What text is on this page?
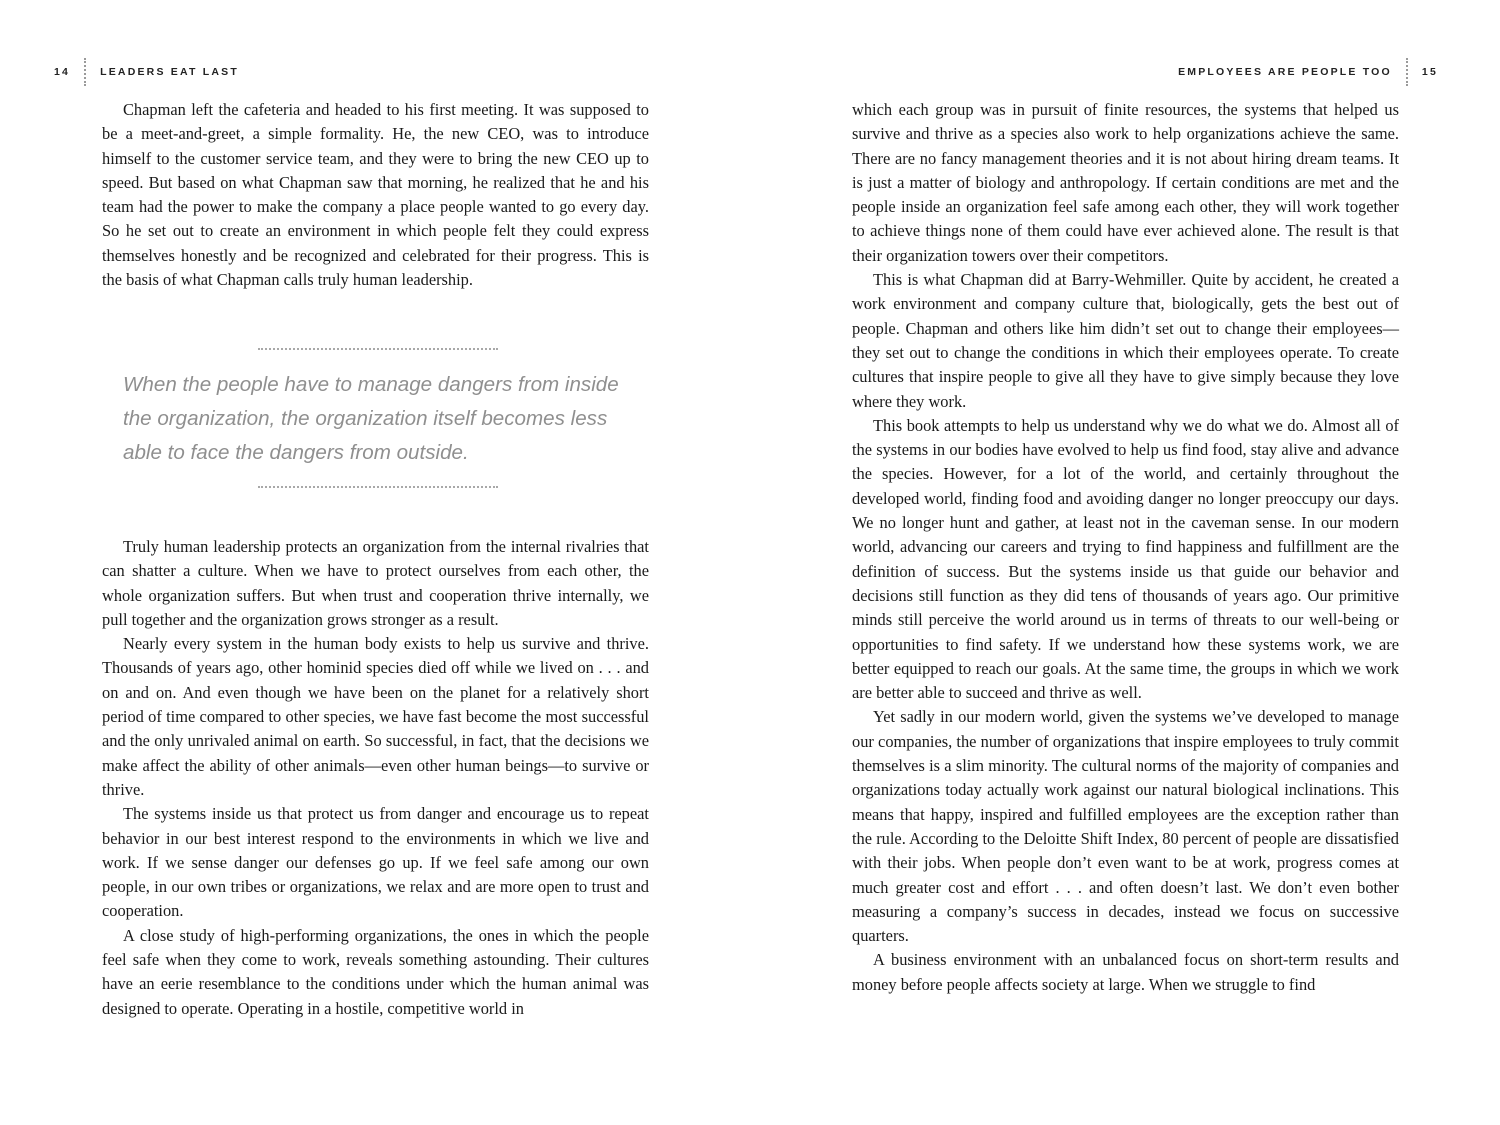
14	LEADERS EAT LAST

Chapman left the cafeteria and headed to his first meeting. It was supposed to be a meet-and-greet, a simple formality. He, the new CEO, was to introduce himself to the customer service team, and they were to bring the new CEO up to speed. But based on what Chapman saw that morning, he realized that he and his team had the power to make the company a place people wanted to go every day. So he set out to create an environment in which people felt they could express themselves honestly and be recognized and celebrated for their progress. This is the basis of what Chapman calls truly human leadership.

When the people have to manage dangers from inside the organization, the organization itself becomes less able to face the dangers from outside.

Truly human leadership protects an organization from the internal rivalries that can shatter a culture. When we have to protect ourselves from each other, the whole organization suffers. But when trust and cooperation thrive internally, we pull together and the organization grows stronger as a result.

Nearly every system in the human body exists to help us survive and thrive. Thousands of years ago, other hominid species died off while we lived on . . . and on and on. And even though we have been on the planet for a relatively short period of time compared to other species, we have fast become the most successful and the only unrivaled animal on earth. So successful, in fact, that the decisions we make affect the ability of other animals—even other human beings—to survive or thrive.

The systems inside us that protect us from danger and encourage us to repeat behavior in our best interest respond to the environments in which we live and work. If we sense danger our defenses go up. If we feel safe among our own people, in our own tribes or organizations, we relax and are more open to trust and cooperation.

A close study of high-performing organizations, the ones in which the people feel safe when they come to work, reveals something astounding. Their cultures have an eerie resemblance to the conditions under which the human animal was designed to operate. Operating in a hostile, competitive world in

EMPLOYEES ARE PEOPLE TOO	15

which each group was in pursuit of finite resources, the systems that helped us survive and thrive as a species also work to help organizations achieve the same. There are no fancy management theories and it is not about hiring dream teams. It is just a matter of biology and anthropology. If certain conditions are met and the people inside an organization feel safe among each other, they will work together to achieve things none of them could have ever achieved alone. The result is that their organization towers over their competitors.

This is what Chapman did at Barry-Wehmiller. Quite by accident, he created a work environment and company culture that, biologically, gets the best out of people. Chapman and others like him didn’t set out to change their employees—they set out to change the conditions in which their employees operate. To create cultures that inspire people to give all they have to give simply because they love where they work.

This book attempts to help us understand why we do what we do. Almost all of the systems in our bodies have evolved to help us find food, stay alive and advance the species. However, for a lot of the world, and certainly throughout the developed world, finding food and avoiding danger no longer preoccupy our days. We no longer hunt and gather, at least not in the caveman sense. In our modern world, advancing our careers and trying to find happiness and fulfillment are the definition of success. But the systems inside us that guide our behavior and decisions still function as they did tens of thousands of years ago. Our primitive minds still perceive the world around us in terms of threats to our well-being or opportunities to find safety. If we understand how these systems work, we are better equipped to reach our goals. At the same time, the groups in which we work are better able to succeed and thrive as well.

Yet sadly in our modern world, given the systems we’ve developed to manage our companies, the number of organizations that inspire employees to truly commit themselves is a slim minority. The cultural norms of the majority of companies and organizations today actually work against our natural biological inclinations. This means that happy, inspired and fulfilled employees are the exception rather than the rule. According to the Deloitte Shift Index, 80 percent of people are dissatisfied with their jobs. When people don’t even want to be at work, progress comes at much greater cost and effort . . . and often doesn’t last. We don’t even bother measuring a company’s success in decades, instead we focus on successive quarters.

A business environment with an unbalanced focus on short-term results and money before people affects society at large. When we struggle to find
